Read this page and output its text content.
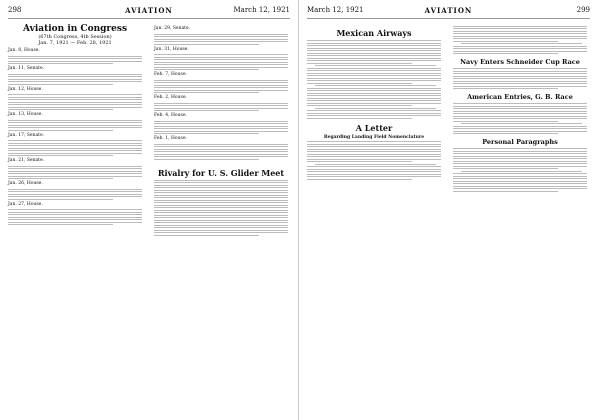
298	AVIATION	March 12, 1921
Aviation in Congress
(67th Congress, 4th Session)
Jan. 7, 1921 — Feb. 28, 1921
Jan. 8, House.
Jan. 11, Senate.
Jan. 12, House.
Jan. 13, House.
Jan. 17, Senate.
Jan. 21, Senate.
Jan. 26, House.
Jan. 27, House.
Jan. 29, Senate.
Jan. 31, House.
Feb. 7, House.
Feb. 2, House.
Feb. 4, House.
Feb. 1, House.
Rivalry for U. S. Glider Meet
March 12, 1921	AVIATION	299
Mexican Airways
A Letter
Regarding Landing Field Nomenclature
Navy Enters Schneider Cup Race
American Entries, G. B. Race
Personal Paragraphs
